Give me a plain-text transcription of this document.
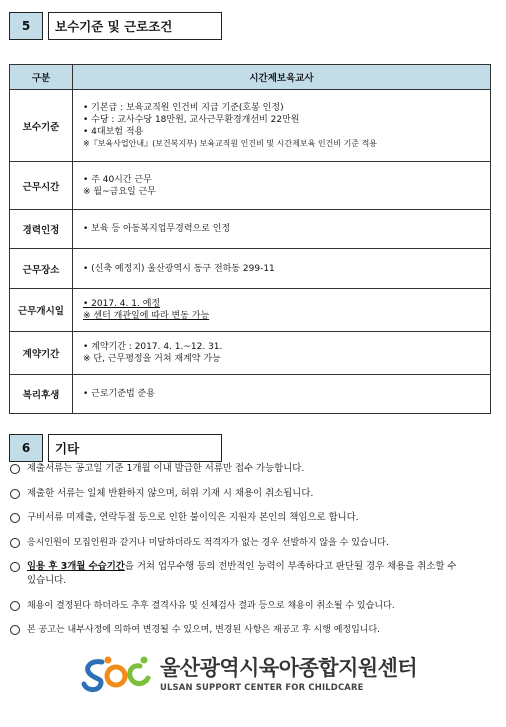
5	보수기준 및 근로조건
구분	시간제보육교사
보수기준	• 기본급 : 보육교직원 인건비 지급 기준(호봉 인정)
• 수당 : 교사수당 18만원, 교사근무환경개선비 22만원
• 4대보험 적용
※『보육사업안내』(보건복지부) 보육교직원 인건비 및 시간제보육 인건비 기준 적용

근무시간	• 주 40시간 근무
※ 월~금요일 근무

경력인정	• 보육 등 아동복지업무경력으로 인정

근무장소	• (신축 예정지) 울산광역시 동구 전하동 299-11

근무개시일	• 2017. 4. 1. 예정
※ 센터 개관일에 따라 변동 가능

계약기간	• 계약기간 : 2017. 4. 1.~12. 31.
※ 단, 근무평정을 거쳐 재계약 가능

복리후생	• 근로기준법 준용
6	기타
제출서류는 공고일 기준 1개월 이내 발급한 서류만 접수 가능합니다.
제출한 서류는 일체 반환하지 않으며, 허위 기재 시 채용이 취소됩니다.
구비서류 미제출, 연락두절 등으로 인한 불이익은 지원자 본인의 책임으로 합니다.
응시인원이 모집인원과 같거나 미달하더라도 적격자가 없는 경우 선발하지 않을 수 있습니다.
임용 후 3개월 수습기간을 거쳐 업무수행 등의 전반적인 능력이 부족하다고 판단될 경우 채용을 취소할 수 있습니다.
채용이 결정된다 하더라도 추후 결격사유 및 신체검사 결과 등으로 채용이 취소될 수 있습니다.
본 공고는 내부사정에 의하여 변경될 수 있으며, 변경된 사항은 재공고 후 시행 예정입니다.
울산광역시육아종합지원센터
ULSAN SUPPORT CENTER FOR CHILDCARE
